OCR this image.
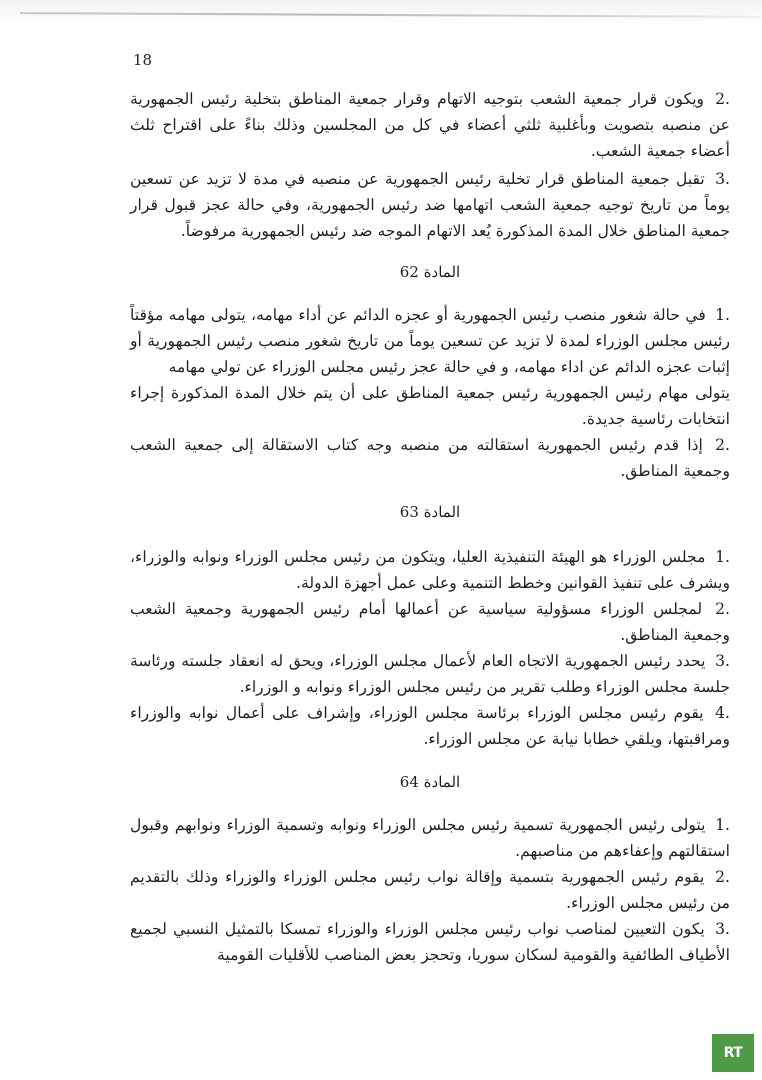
18

.2 ويكون قرار جمعية الشعب بتوجيه الاتهام وقرار جمعية المناطق بتخلية رئيس الجمهورية عن منصبه بتصويت وبأغلبية ثلثي أعضاء في كل من المجلسين وذلك بناءً على اقتراح ثلث أعضاء جمعية الشعب.

.3 تقبل جمعية المناطق قرار تخلية رئيس الجمهورية عن منصبه في مدة لا تزيد عن تسعين يوماً من تاريخ توجيه جمعية الشعب اتهامها ضد رئيس الجمهورية، وفي حالة عجز قبول قرار جمعية المناطق خلال المدة المذكورة يُعد الاتهام الموجه ضد رئيس الجمهورية مرفوضاً.

المادة 62

.1 في حالة شغور منصب رئيس الجمهورية أو عجزه الدائم عن أداء مهامه، يتولى مهامه مؤقتاً رئيس مجلس الوزراء لمدة لا تزيد عن تسعين يوماً من تاريخ شغور منصب رئيس الجمهورية أو إثبات عجزه الدائم عن اداء مهامه، و في حالة عجز رئيس مجلس الوزراء عن تولي مهامه

يتولى مهام رئيس الجمهورية رئيس جمعية المناطق على أن يتم خلال المدة المذكورة إجراء انتخابات رئاسية جديدة.

.2 إذا قدم رئيس الجمهورية استقالته من منصبه وجه كتاب الاستقالة إلى جمعية الشعب وجمعية المناطق.

المادة 63

.1 مجلس الوزراء هو الهيئة التنفيذية العليا، ويتكون من رئيس مجلس الوزراء ونوابه والوزراء، ويشرف على تنفيذ القوانين وخطط التنمية وعلى عمل أجهزة الدولة.

.2 لمجلس الوزراء مسؤولية سياسية عن أعمالها أمام رئيس الجمهورية وجمعية الشعب وجمعية المناطق.

.3 يحدد رئيس الجمهورية الاتجاه العام لأعمال مجلس الوزراء، ويحق له انعقاد جلسته ورئاسة جلسة مجلس الوزراء وطلب تقرير من رئيس مجلس الوزراء ونوابه و الوزراء.

.4 يقوم رئيس مجلس الوزراء برئاسة مجلس الوزراء، وإشراف على أعمال نوابه والوزراء ومراقبتها، ويلقي خطابا نيابة عن مجلس الوزراء.

المادة 64

.1 يتولى رئيس الجمهورية تسمية رئيس مجلس الوزراء ونوابه وتسمية الوزراء ونوابهم وقبول استقالتهم وإعفاءهم من مناصبهم.

.2 يقوم رئيس الجمهورية بتسمية وإقالة نواب رئيس مجلس الوزراء والوزراء وذلك بالتقديم من رئيس مجلس الوزراء.

.3 يكون التعيين لمناصب نواب رئيس مجلس الوزراء والوزراء تمسكا بالتمثيل النسبي لجميع الأطياف الطائفية والقومية لسكان سوريا، وتحجز بعض المناصب للأقليات القومية

RT
